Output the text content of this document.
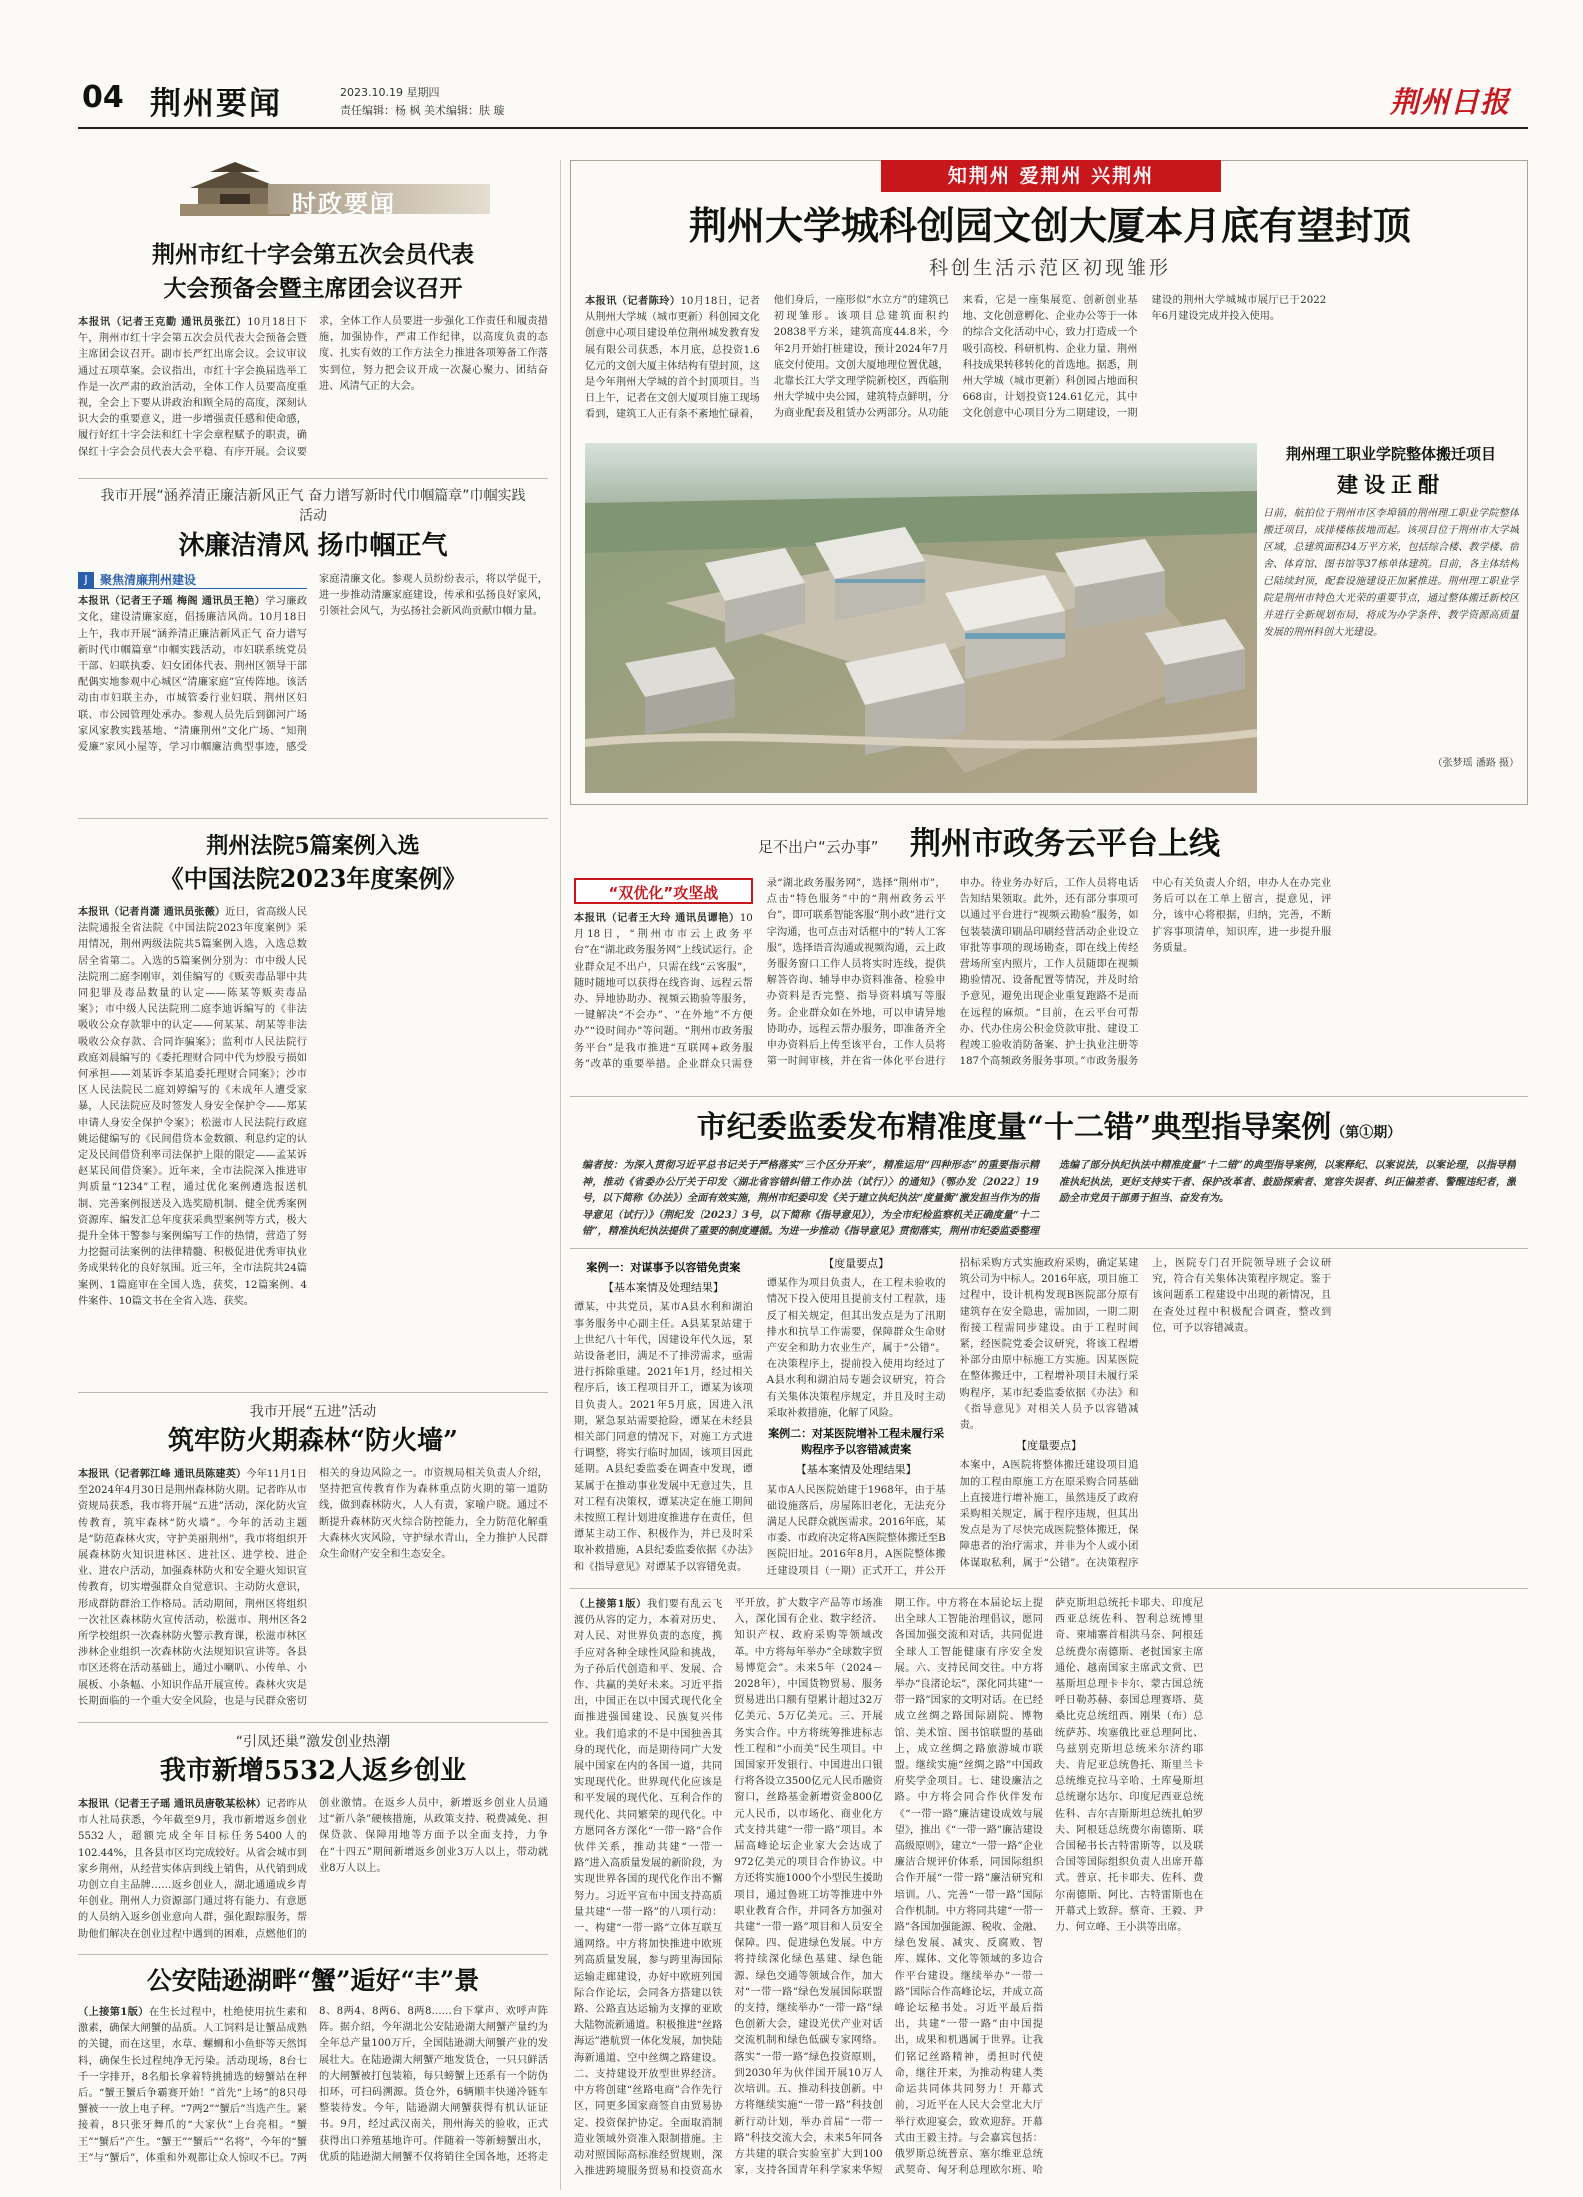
04 荆州要闻	2023.10.19 星期四
责任编辑：杨 枫 美术编辑：肤 璇	荆州日报
时政要闻
荆州市红十字会第五次会员代表
大会预备会暨主席团会议召开
本报讯（记者王克勤 通讯员张江）10月18日下午，荆州市红十字会第五次会员代表大会预备会暨主席团会议召开。副市长严红出席会议。会议审议通过五项草案。会议指出，市红十字会换届选举工作是一次严肃的政治活动，全体工作人员要高度重视，全会上下要从讲政治和顾全局的高度，深刻认识大会的重要意义，进一步增强责任感和使命感，履行好红十字会法和红十字会章程赋予的职责，确保红十字会会员代表大会平稳、有序开展。会议要求，全体工作人员要进一步强化工作责任和履责措施，加强协作，严肃工作纪律，以高度负责的态度、扎实有效的工作方法全力推进各项筹备工作落实到位，努力把会议开成一次凝心聚力、团结奋进、风清气正的大会。
我市开展“涵养清正廉洁新风正气 奋力谱写新时代巾帼篇章”巾帼实践活动
沐廉洁清风 扬巾帼正气
J	聚焦清廉荆州建设
本报讯（记者王子瑶 梅阁 通讯员王艳）学习廉政文化，建设清廉家庭，倡扬廉洁风尚。10月18日上午，我市开展“涵养清正廉洁新风正气 奋力谱写新时代巾帼篇章”巾帼实践活动，市妇联系统党员干部、妇联执委、妇女团体代表、荆州区领导干部配偶实地参观中心城区“清廉家庭”宣传阵地。该活动由市妇联主办，市城管委行业妇联、荆州区妇联、市公园管理处承办。参观人员先后到御河广场家风家教实践基地、“清廉荆州”文化广场、“知荆爱廉”家风小屋等，学习巾帼廉洁典型事迹，感受家庭清廉文化。参观人员纷纷表示，将以学促干，进一步推动清廉家庭建设，传承和弘扬良好家风，引领社会风气，为弘扬社会新风尚贡献巾帼力量。
荆州法院5篇案例入选
《中国法院2023年度案例》
本报讯（记者肖潇 通讯员张薇）近日，省高级人民法院通报全省法院《中国法院2023年度案例》采用情况，荆州两级法院共5篇案例入选，入选总数居全省第二。入选的5篇案例分别为：市中级人民法院刑二庭李刚审，刘佳编写的《贩卖毒品罪中共同犯罪及毒品数量的认定——陈某等贩卖毒品案》；市中级人民法院刑二庭李迪诉编写的《非法吸收公众存款罪中的认定——何某某、胡某等非法吸收公众存款、合同诈骗案》；监利市人民法院行政庭刘晨编写的《委托理财合同中代为炒股亏损如何承担——刘某诉李某追委托理财合同案》；沙市区人民法院民二庭刘婷编写的《未成年人遭受家暴，人民法院应及时签发人身安全保护令——郑某申请人身安全保护令案》；松滋市人民法院行政庭姚运健编写的《民间借贷本金数额、利息约定的认定及民间借贷利率司法保护上限的限定——孟某诉赵某民间借贷案》。近年来，全市法院深入推进审判质量“1234”工程，通过优化案例遴选报送机制、完善案例报送及入选奖励机制、健全优秀案例资源库、编发汇总年度获采典型案例等方式，极大提升全体干警参与案例编写工作的热情，营造了努力挖掘司法案例的法律精髓、积极促进优秀审执业务成果转化的良好氛围。近三年，全市法院共24篇案例、1篇庭审在全国人选，获奖，12篇案例、4件案件、10篇文书在全省入选、获奖。
我市开展“五进”活动
筑牢防火期森林“防火墙”
本报讯（记者郭江峰 通讯员陈建英）今年11月1日至2024年4月30日是荆州森林防火期。记者昨从市资规局获悉，我市将开展“五进”活动，深化防火宣传教育，筑牢森林“防火墙”。今年的活动主题是“防范森林火灾，守护美丽荆州”，我市将组织开展森林防火知识进林区、进社区、进学校、进企业、进农户活动，加强森林防火和安全避火知识宣传教育，切实增强群众自觉意识、主动防火意识，形成群防群治工作格局。活动期间，荆州区将组织一次社区森林防火宣传活动，松滋市、荆州区各2所学校组织一次森林防火警示教育课，松滋市林区涉林企业组织一次森林防火法规知识宣讲等。各县市区还将在活动基础上，通过小喇叭、小传单、小展板、小条幅、小知识作品开展宣传。森林火灾是长期面临的一个重大安全风险，也是与民群众密切相关的身边风险之一。市资规局相关负责人介绍，坚持把宣传教育作为森林重点防火期的第一道防线，做到森林防火，人人有责，家喻户晓。通过不断提升森林防灭火综合防控能力，全力防范化解重大森林火灾风险，守护绿水青山，全力推护人民群众生命财产安全和生态安全。
“引凤还巢”激发创业热潮
我市新增5532人返乡创业
本报讯（记者王子瑶 通讯员唐敬某松林）记者昨从市人社局获悉，今年截至9月，我市新增返乡创业5532人，超额完成全年目标任务5400人的102.44%，且各县市区均完成较好。从省会城市到家乡荆州，从经营实体店到线上销售，从代销到成功创立自主品牌……返乡创业人，湖北通通成乡青年创业。荆州人力资源部门通过将有能力、有意愿的人员纳入返乡创业意向人群，强化跟踪服务，帮助他们解决在创业过程中遇到的困难，点燃他们的创业激情。在返乡人员中，新增返乡创业人员通过“新八条”硬核措施，从政策支持、税费减免、担保贷款、保障用地等方面予以全面支持，力争在“十四五”期间新增返乡创业3万人以上，带动就业8万人以上。
公安陆逊湖畔“蟹”逅好“丰”景
（上接第1版）在生长过程中，杜绝使用抗生素和激素，确保大闸蟹的品质。人工饲料是让蟹品成熟的关键，而在这里，水草、螺蛳和小鱼虾等天然饵料，确保生长过程纯净无污染。活动现场，8台七千一字排开，8名船长拿着特挑捕选的螃蟹站在秤后。“蟹王蟹后争霸赛开始！”首先“上场”的8只母蟹被一一放上电子秤。“7两2”“蟹后”当选产生。紧接着，8只张牙舞爪的“大家伙”上台亮相。“蟹王”“蟹后”产生。“蟹王”“蟹后”“名将”，今年的“蟹王”与“蟹后”，体重和外观都让众人惊叹不已。7两8、8两4、8两6、8两8……台下掌声、欢呼声阵阵。据介绍，今年湖北公安陆逊湖大闸蟹产量约为全年总产量100万斤，全国陆逊湖大闸蟹产业的发展壮大。在陆逊湖大闸蟹产地发货仓，一只只鲜活的大闸蟹被打包装箱，每只螃蟹上还系有一个防伪扣环，可扫码溯源。货仓外，6辆顺丰快递冷链车整装待发。今年，陆逊湖大闸蟹获得有机认证证书。9月，经过武汉南关，荆州海关的验收，正式获得出口养殖基地许可。伴随着一等新螃蟹出水，优质的陆逊湖大闸蟹不仅将销往全国各地，还将走
知荆州 爱荆州 兴荆州
荆州大学城科创园文创大厦本月底有望封顶
科创生活示范区初现雏形
本报讯（记者陈玲）10月18日，记者从荆州大学城（城市更新）科创园文化创意中心项目建设单位荆州城发教育发展有限公司获悉，本月底，总投资1.6亿元的文创大厦主体结构有望封顶，这是今年荆州大学城的首个封顶项目。当日上午，记者在文创大厦项目施工现场看到，建筑工人正有条不紊地忙碌着，他们身后，一座形似“水立方”的建筑已初现雏形。该项目总建筑面积约20838平方米，建筑高度44.8米，今年2月开始打桩建设，预计2024年7月底交付使用。文创大厦地理位置优越，北靠长江大学文理学院新校区，西临荆州大学城中央公园，建筑特点鲜明，分为商业配套及租赁办公两部分。从功能来看，它是一座集展览、创新创业基地、文化创意孵化、企业办公等于一体的综合文化活动中心，致力打造成一个吸引高校、科研机构、企业力量、荆州科技成果转移转化的首选地。据悉，荆州大学城（城市更新）科创园占地面积668亩，计划投资124.61亿元，其中文化创意中心项目分为二期建设，一期建设的荆州大学城城市展厅已于2022年6月建设完成并投入使用。
荆州理工职业学院整体搬迁项目
建设正酣
日前，航拍位于荆州市区李埠镇的荆州理工职业学院整体搬迁项目，成排楼栋拔地而起。该项目位于荆州市大学城区域，总建筑面积34万平方米，包括综合楼、教学楼、宿舍、体育馆、图书馆等37栋单体建筑。目前，各主体结构已陆续封顶，配套设施建设正加紧推进。荆州理工职业学院是荆州市特色大光荣的重要节点，通过整体搬迁新校区并进行全新规划布局，将成为办学条件、教学资源高质量发展的荆州科创大光建设。
（张梦瑶 潘路 摄）
足不出户“云办事” 荆州市政务云平台上线
“双优化”攻坚战
本报讯（记者王大玲 通讯员谭艳）10月18日，“荆州市市云上政务平台”在“湖北政务服务网”上线试运行。企业群众足不出户，只需在线“云客服”，随时随地可以获得在线咨询、远程云帮办、异地协助办、视频云勘验等服务，一键解决“不会办”、“在外地”不方便办”“设时间办”等问题。“荆州市政务服务平台”是我市推进“互联网+政务服务”改革的重要举措。企业群众只需登录“湖北政务服务网”，选择“荆州市”，点击“特色服务”中的“荆州政务云平台”，即可联系智能客服“荆小政”进行文字沟通，也可点击对话框中的“转人工客服”，选择语音沟通或视频沟通，云上政务服务窗口工作人员将实时连线，提供解答咨询、辅导申办资料准备、检验申办资料是否完整、指导资料填写等服务。企业群众如在外地，可以申请异地协助办，远程云帮办服务，即准备齐全申办资料后上传至该平台，工作人员将第一时间审核，并在省一体化平台进行申办。待业务办好后，工作人员将电话告知结果领取。此外，还有部分事项可以通过平台进行“视频云勘验”服务，如包装装潢印刷品印刷经营活动企业设立审批等事项的现场勘查，即在线上传经营场所室内照片，工作人员随即在视频勘验情况、设备配置等情况，并及时给予意见，避免出现企业重复跑路不是而在远程的麻烦。“目前，在云平台可帮办、代办住房公积金贷款审批、建设工程竣工验收消防备案、护士执业注册等187个高频政务服务事项。”市政务服务中心有关负责人介绍，申办人在办完业务后可以在工单上留言，提意见，评分，该中心将根据，归纳，完善，不断扩容事项清单，知识库，进一步提升服务质量。
市纪委监委发布精准度量“十二错”典型指导案例（第①期）
编者按：为深入贯彻习近平总书记关于严格落实“三个区分开来”，精准运用“四种形态”的重要指示精神，推动《省委办公厅关于印发〈湖北省容错纠错工作办法（试行）〉的通知》（鄂办发〔2022〕19号，以下简称《办法》）全面有效实施，荆州市纪委印发《关于建立执纪执法“度量衡”激发担当作为的指导意见（试行）》（荆纪发〔2023〕3号，以下简称《指导意见》），为全市纪检监察机关正确度量“十二错”，精准执纪执法提供了重要的制度遵循。为进一步推动《指导意见》贯彻落实，荆州市纪委监委整理选编了部分执纪执法中精准度量“十二错”的典型指导案例，以案释纪、以案说法，以案论理，以指导精准执纪执法，更好支持实干者、保护改革者、鼓励探索者、宽容失误者、纠正偏差者、警醒违纪者，激励全市党员干部勇于担当、奋发有为。
案例一：对谋事予以容错免责案
【基本案情及处理结果】
谭某，中共党员，某市A县水利和湖泊事务服务中心副主任。A县某泵站建于上世纪八十年代，因建设年代久远，泵站设备老旧，满足不了排涝需求，亟需进行拆除重建。2021年1月，经过相关程序后，该工程项目开工，谭某为该项目负责人。2021年5月底，因进入汛期，紧急泵站需要抢险，谭某在未经县相关部门同意的情况下，对施工方式进行调整，将实行临时加固，该项目因此延期。A县纪委监委在调查中发现，谭某属于在推动事业发展中无意过失，且对工程有决策权，谭某决定在施工期间未按照工程计划进度推进存在责任，但谭某主动工作、积极作为，并已及时采取补救措施，A县纪委监委依据《办法》和《指导意见》对谭某予以容错免责。
【度量要点】
谭某作为项目负责人，在工程未验收的情况下投入使用且提前支付工程款，违反了相关规定，但其出发点是为了汛期排水和抗旱工作需要，保障群众生命财产安全和助力农业生产，属于“公错”。在决策程序上，提前投入使用均经过了A县水利和湖泊局专题会议研究，符合有关集体决策程序规定，并且及时主动采取补救措施，化解了风险。
案例二：对某医院增补工程未履行采购程序予以容错减责案
【基本案情及处理结果】
某市A人民医院始建于1968年，由于基础设施落后，房屋陈旧老化，无法充分满足人民群众就医需求。2016年底，某市委、市政府决定将A医院整体搬迁至B医院旧址。2016年8月，A医院整体搬迁建设项目（一期）正式开工，并公开招标采购方式实施政府采购，确定某建筑公司为中标人。2016年底，项目施工过程中，设计机构发现B医院部分原有建筑存在安全隐患，需加固，一期二期衔接工程需同步建设。由于工程时间紧，经医院党委会议研究，将该工程增补部分由原中标施工方实施。因某医院在整体搬迁中，工程增补项目未履行采购程序，某市纪委监委依据《办法》和《指导意见》对相关人员予以容错减责。
【度量要点】
本案中，A医院将整体搬迁建设项目追加的工程由原施工方在原采购合同基础上直接进行增补施工，虽然违反了政府采购相关规定，属于程序违规，但其出发点是为了尽快完成医院整体搬迁，保障患者的治疗需求，并非为个人或小团体谋取私利，属于“公错”。在决策程序上，医院专门召开院领导班子会议研究，符合有关集体决策程序规定。鉴于该问题系工程建设中出现的新情况，且在查处过程中积极配合调查，整改到位，可予以容错减责。
（上接第1版）我们要有乱云飞渡仍从容的定力，本着对历史、对人民、对世界负责的态度，携手应对各种全球性风险和挑战，为子孙后代创造和平、发展、合作、共赢的美好未来。习近平指出，中国正在以中国式现代化全面推进强国建设、民族复兴伟业。我们追求的不是中国独善其身的现代化，而是期待同广大发展中国家在内的各国一道，共同实现现代化。世界现代化应该是和平发展的现代化、互利合作的现代化、共同繁荣的现代化。中方愿同各方深化“一带一路”合作伙伴关系，推动共建“一带一路”进入高质量发展的新阶段，为实现世界各国的现代化作出不懈努力。习近平宣布中国支持高质量共建“一带一路”的八项行动：一、构建“一带一路”立体互联互通网络。中方将加快推进中欧班列高质量发展，参与跨里海国际运输走廊建设，办好中欧班列国际合作论坛，会同各方搭建以铁路、公路直达运输为支撑的亚欧大陆物流新通道。积极推进“丝路海运”港航贸一体化发展，加快陆海新通道、空中丝绸之路建设。二、支持建设开放型世界经济。中方将创建“丝路电商”合作先行区，同更多国家商签自由贸易协定、投资保护协定。全面取消制造业领域外资准入限制措施。主动对照国际高标准经贸规则，深入推进跨境服务贸易和投资高水平开放，扩大数字产品等市场准入，深化国有企业、数字经济、知识产权、政府采购等领域改革。中方将每年举办“全球数字贸易博览会”。未来5年（2024－2028年），中国货物贸易、服务贸易进出口额有望累计超过32万亿美元、5万亿美元。三、开展务实合作。中方将统筹推进标志性工程和“小而美”民生项目。中国国家开发银行、中国进出口银行将各设立3500亿元人民币融资窗口，丝路基金新增资金800亿元人民币，以市场化、商业化方式支持共建“一带一路”项目。本届高峰论坛企业家大会达成了972亿美元的项目合作协议。中方还将实施1000个小型民生援助项目，通过鲁班工坊等推进中外职业教育合作，并同各方加强对共建“一带一路”项目和人员安全保障。四、促进绿色发展。中方将持续深化绿色基建、绿色能源、绿色交通等领域合作，加大对“一带一路”绿色发展国际联盟的支持，继续举办“一带一路”绿色创新大会，建设光伏产业对话交流机制和绿色低碳专家网络。落实“一带一路”绿色投资原则，到2030年为伙伴国开展10万人次培训。五、推动科技创新。中方将继续实施“一带一路”科技创新行动计划，举办首届“一带一路”科技交流大会，未来5年同各方共建的联合实验室扩大到100家，支持各国青年科学家来华短期工作。中方将在本届论坛上提出全球人工智能治理倡议，愿同各国加强交流和对话，共同促进全球人工智能健康有序安全发展。六、支持民间交往。中方将举办“良渚论坛”，深化同共建“一带一路”国家的文明对话。在已经成立丝绸之路国际剧院、博物馆、美术馆、图书馆联盟的基础上，成立丝绸之路旅游城市联盟。继续实施“丝绸之路”中国政府奖学金项目。七、建设廉洁之路。中方将会同合作伙伴发布《“一带一路”廉洁建设成效与展望》，推出《“一带一路”廉洁建设高级原则》，建立“一带一路”企业廉洁合规评价体系，同国际组织合作开展“一带一路”廉洁研究和培训。八、完善“一带一路”国际合作机制。中方将同共建“一带一路”各国加强能源、税收、金融、绿色发展、减灾、反腐败、智库、媒体、文化等领域的多边合作平台建设。继续举办“一带一路”国际合作高峰论坛，并成立高峰论坛秘书处。习近平最后指出，共建“一带一路”由中国提出，成果和机遇属于世界。让我们铭记丝路精神，勇担时代使命，继往开来，为推动构建人类命运共同体共同努力！开幕式前，习近平在人民大会堂北大厅举行欢迎宴会，致欢迎辞。开幕式由王毅主持。与会嘉宾包括：俄罗斯总统普京、塞尔维亚总统武契奇、匈牙利总理欧尔班、哈萨克斯坦总统托卡耶夫、印度尼西亚总统佐科、智利总统博里奇、柬埔寨首相洪马奈、阿根廷总统费尔南德斯、老挝国家主席通伦、越南国家主席武文赏、巴基斯坦总理卡卡尔、蒙古国总统呼日勒苏赫、泰国总理赛塔、莫桑比克总统纽西、刚果（布）总统萨苏、埃塞俄比亚总理阿比、乌兹别克斯坦总统米尔济约耶夫、肯尼亚总统鲁托、斯里兰卡总统维克拉马辛哈、土库曼斯坦总统谢尔达尔、印度尼西亚总统佐科、吉尔吉斯斯坦总统扎帕罗夫、阿根廷总统费尔南德斯、联合国秘书长古特雷斯等，以及联合国等国际组织负责人出席开幕式。普京、托卡耶夫、佐科、费尔南德斯、阿比、古特雷斯也在开幕式上致辞。蔡奇、王毅、尹力、何立峰、王小洪等出席。
